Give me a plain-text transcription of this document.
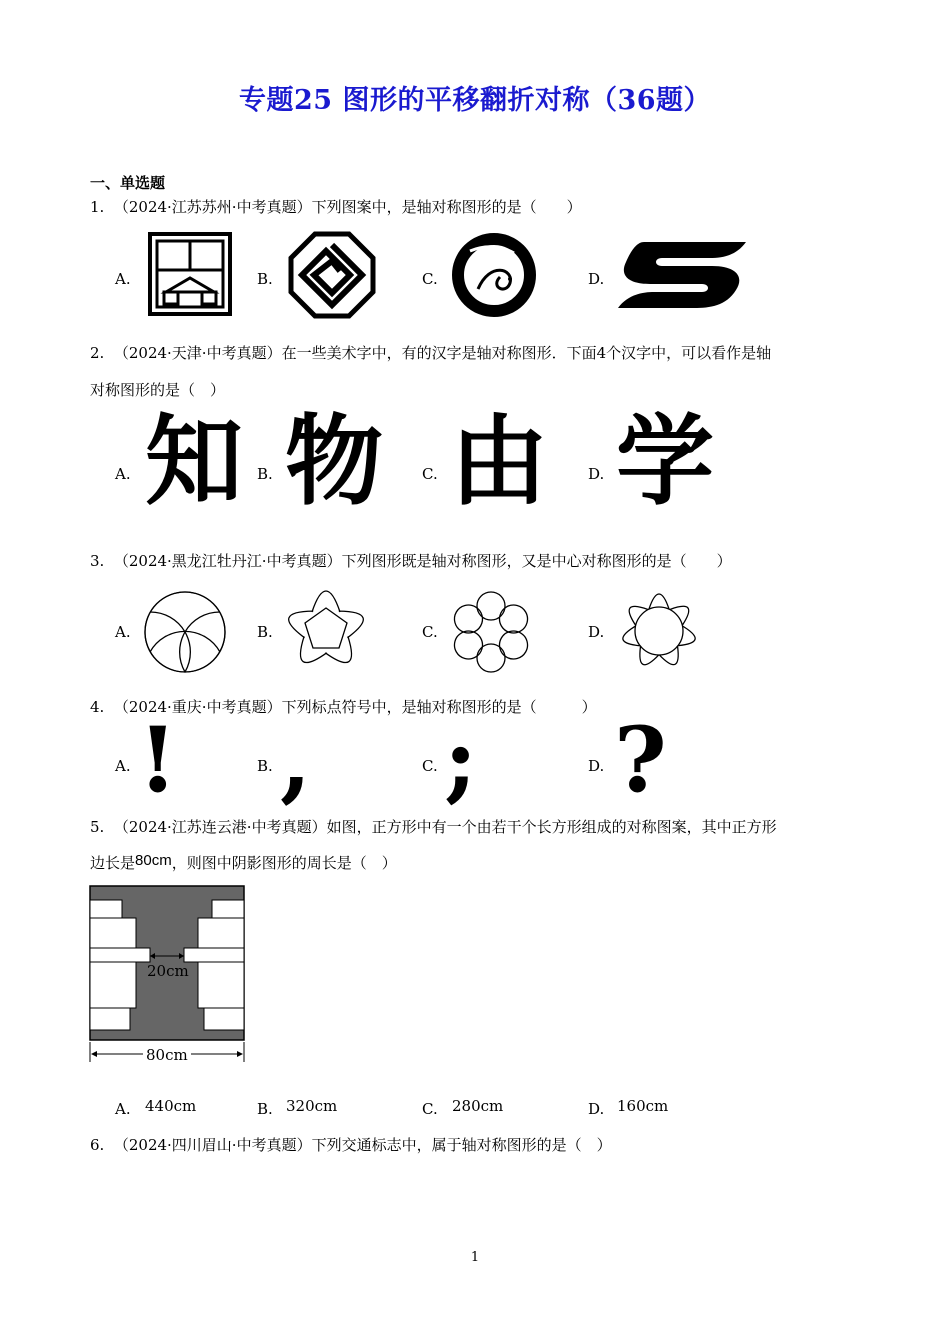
专题25 图形的平移翻折对称（36题）
一、单选题
1. （2024·江苏苏州·中考真题）下列图案中，是轴对称图形的是（　　）
A.	B.	C.	D.
2. （2024·天津·中考真题）在一些美术字中，有的汉字是轴对称图形．下面4个汉字中，可以看作是轴
对称图形的是（　）
A.	B.	C.	D.
知 物 由 学
3. （2024·黑龙江牡丹江·中考真题）下列图形既是轴对称图形，又是中心对称图形的是（　　）
A.	B.	C.	D.
4. （2024·重庆·中考真题）下列标点符号中，是轴对称图形的是（　　　）
A.	B.	C.	D.
! , ; ?
5. （2024·江苏连云港·中考真题）如图，正方形中有一个由若干个长方形组成的对称图案，其中正方形
边长是80cm，则图中阴影图形的周长是（　）
20cm
80cm
A. 440cm	B. 320cm	C. 280cm	D. 160cm
6. （2024·四川眉山·中考真题）下列交通标志中，属于轴对称图形的是（　）
1
